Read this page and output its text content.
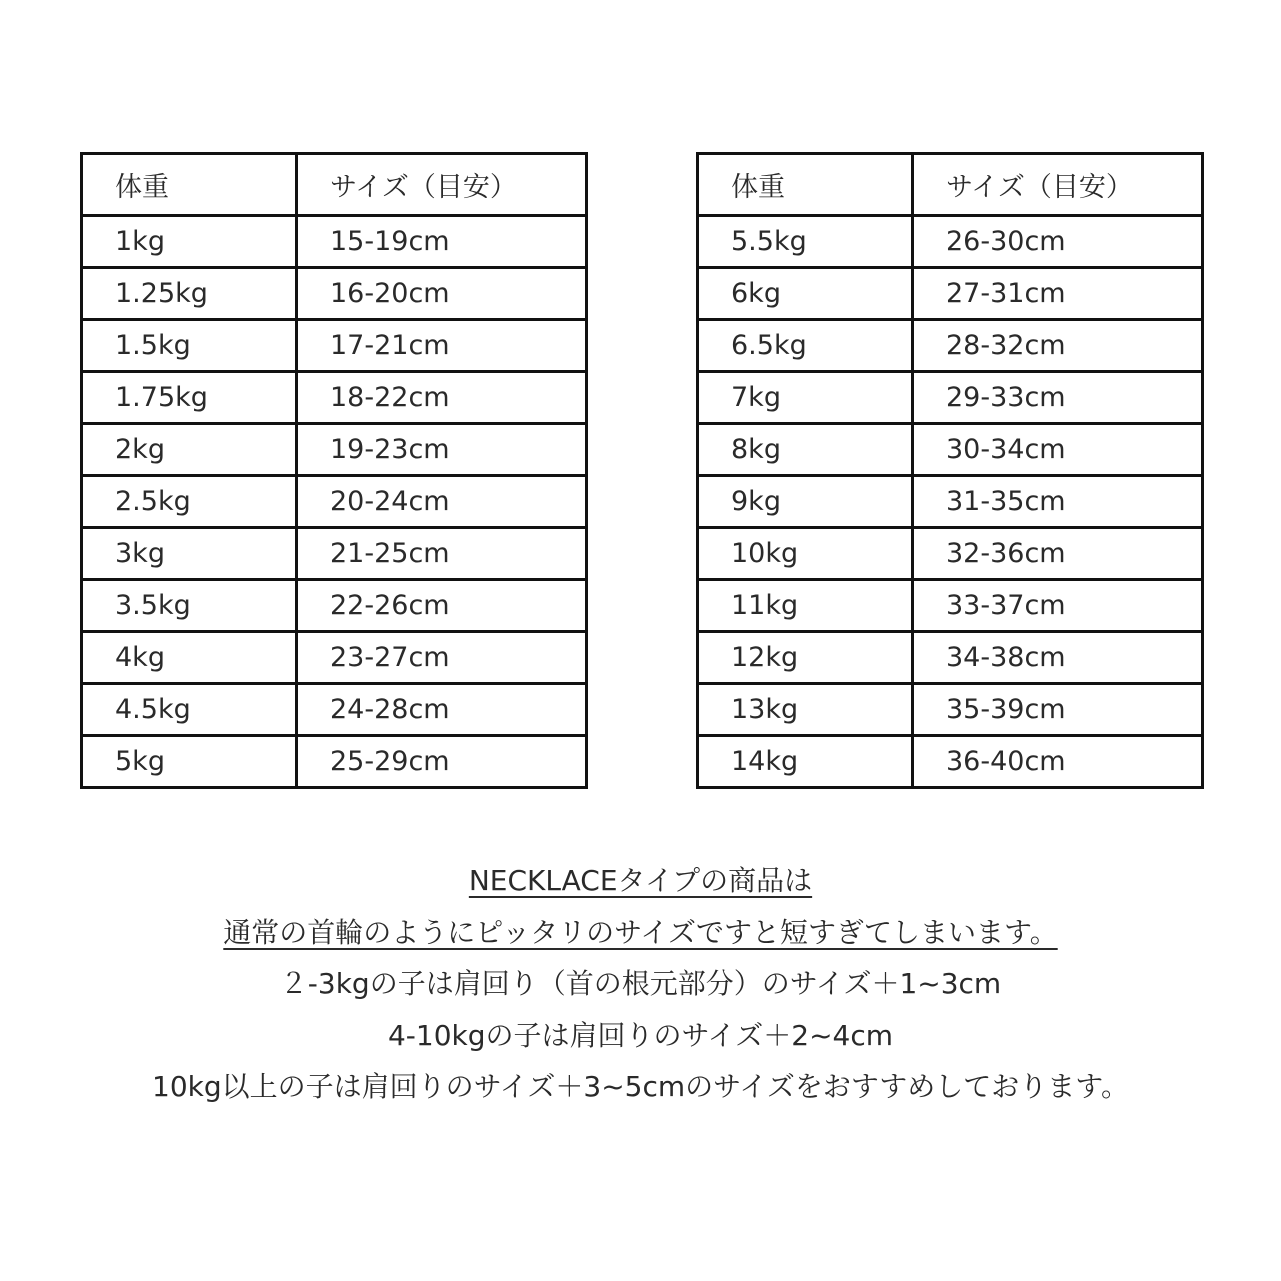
体重	サイズ（目安）
1kg	15-19cm
1.25kg	16-20cm
1.5kg	17-21cm
1.75kg	18-22cm
2kg	19-23cm
2.5kg	20-24cm
3kg	21-25cm
3.5kg	22-26cm
4kg	23-27cm
4.5kg	24-28cm
5kg	25-29cm
体重	サイズ（目安）
5.5kg	26-30cm
6kg	27-31cm
6.5kg	28-32cm
7kg	29-33cm
8kg	30-34cm
9kg	31-35cm
10kg	32-36cm
11kg	33-37cm
12kg	34-38cm
13kg	35-39cm
14kg	36-40cm
NECKLACEタイプの商品は
通常の首輪のようにピッタリのサイズですと短すぎてしまいます。
２-3kgの子は肩回り（首の根元部分）のサイズ＋1~3cm
4-10kgの子は肩回りのサイズ＋2~4cm
10kg以上の子は肩回りのサイズ＋3~5cmのサイズをおすすめしております。
